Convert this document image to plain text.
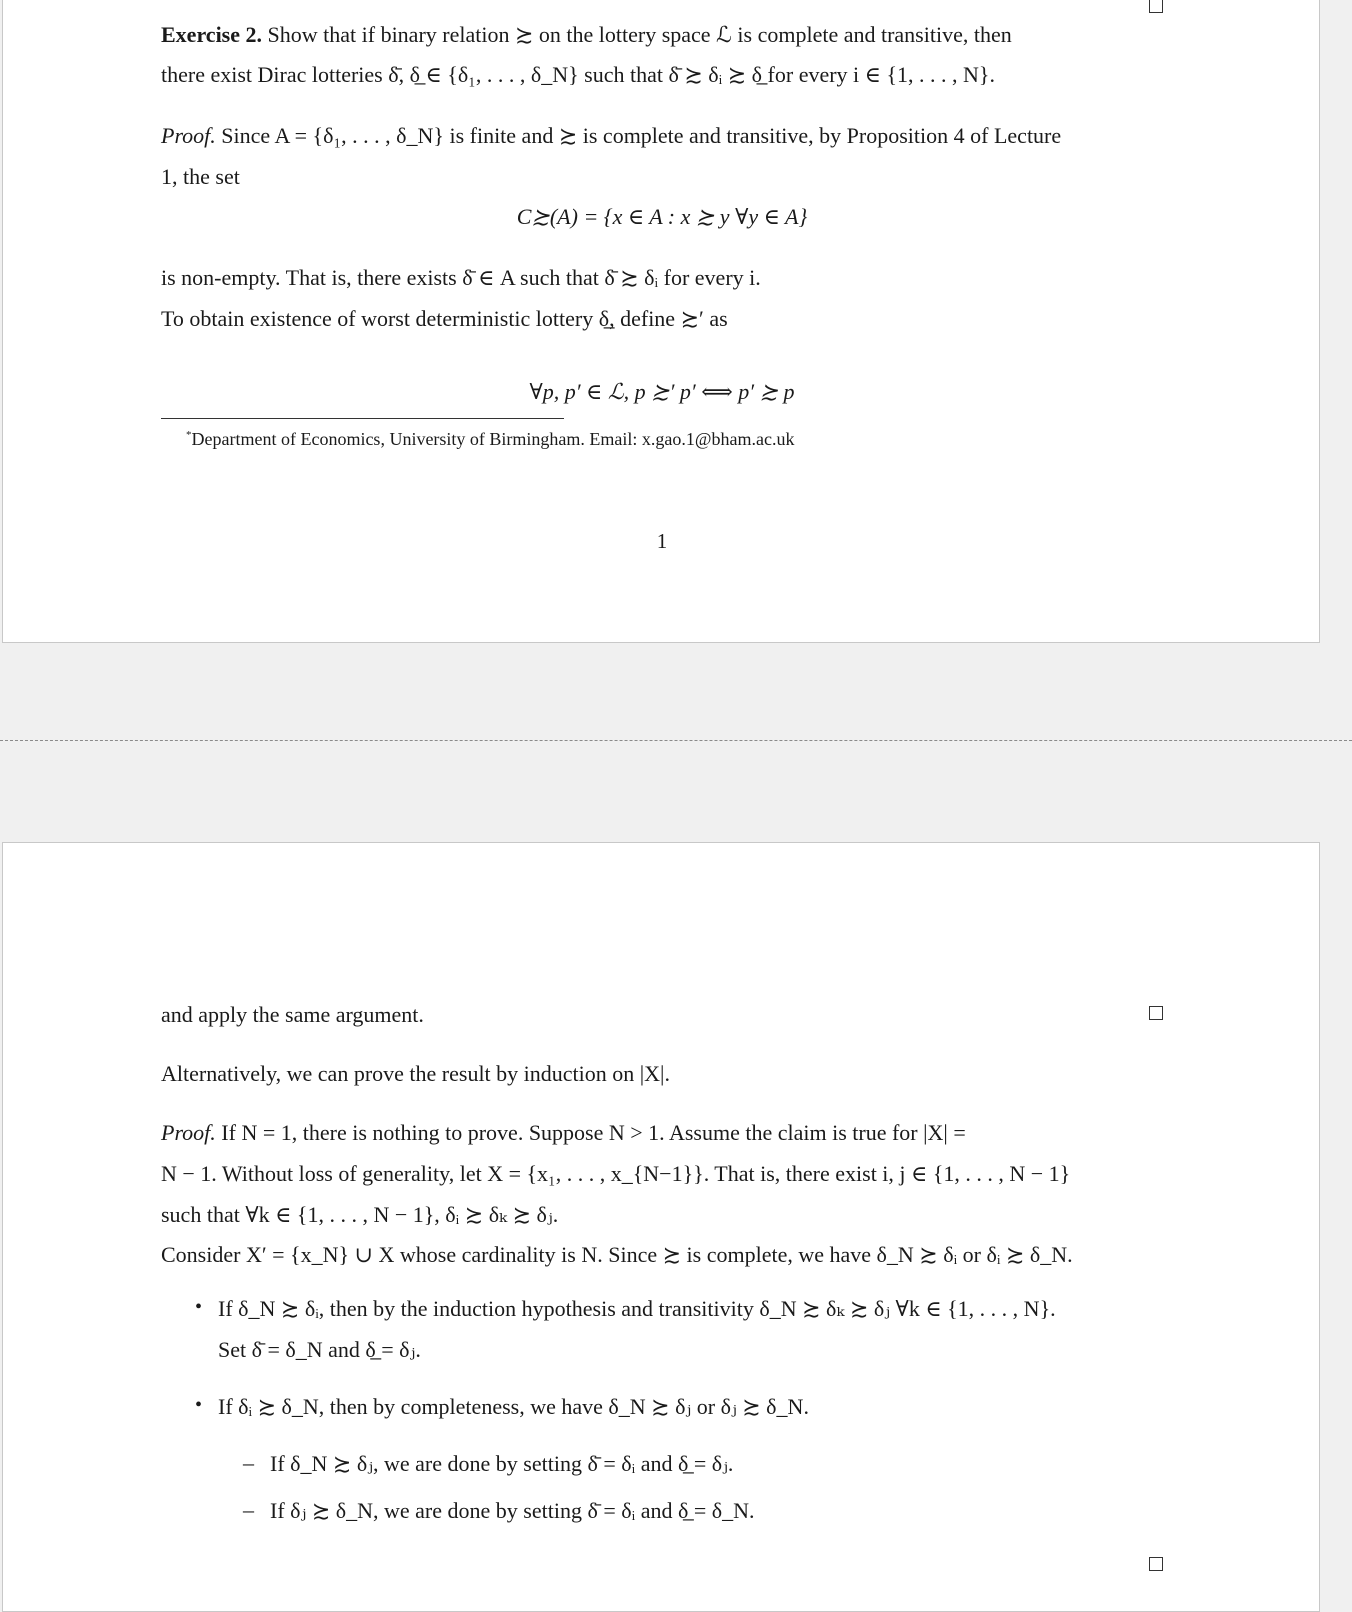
Exercise 2. Show that if binary relation ≿ on the lottery space ℒ is complete and transitive, then
there exist Dirac lotteries δ̄, δ̲ ∈ {δ₁, . . . , δ_N} such that δ̄ ≿ δᵢ ≿ δ̲ for every i ∈ {1, . . . , N}.
Proof. Since A = {δ₁, . . . , δ_N} is finite and ≿ is complete and transitive, by Proposition 4 of Lecture
1, the set
C≿(A) = {x ∈ A : x ≿ y ∀y ∈ A}
is non-empty. That is, there exists δ̄ ∈ A such that δ̄ ≿ δᵢ for every i.
To obtain existence of worst deterministic lottery δ̲, define ≿′ as
∀p, p′ ∈ ℒ, p ≿′ p′ ⟺ p′ ≿ p
*Department of Economics, University of Birmingham. Email: x.gao.1@bham.ac.uk
1
and apply the same argument.
Alternatively, we can prove the result by induction on |X|.
Proof. If N = 1, there is nothing to prove. Suppose N > 1. Assume the claim is true for |X| =
N − 1. Without loss of generality, let X = {x₁, . . . , x_{N−1}}. That is, there exist i, j ∈ {1, . . . , N − 1}
such that ∀k ∈ {1, . . . , N − 1}, δᵢ ≿ δₖ ≿ δⱼ.
Consider X′ = {x_N} ∪ X whose cardinality is N. Since ≿ is complete, we have δ_N ≿ δᵢ or δᵢ ≿ δ_N.
• If δ_N ≿ δᵢ, then by the induction hypothesis and transitivity δ_N ≿ δₖ ≿ δⱼ ∀k ∈ {1, . . . , N}.
Set δ̄ = δ_N and δ̲ = δⱼ.
• If δᵢ ≿ δ_N, then by completeness, we have δ_N ≿ δⱼ or δⱼ ≿ δ_N.
– If δ_N ≿ δⱼ, we are done by setting δ̄ = δᵢ and δ̲ = δⱼ.
– If δⱼ ≿ δ_N, we are done by setting δ̄ = δᵢ and δ̲ = δ_N.
